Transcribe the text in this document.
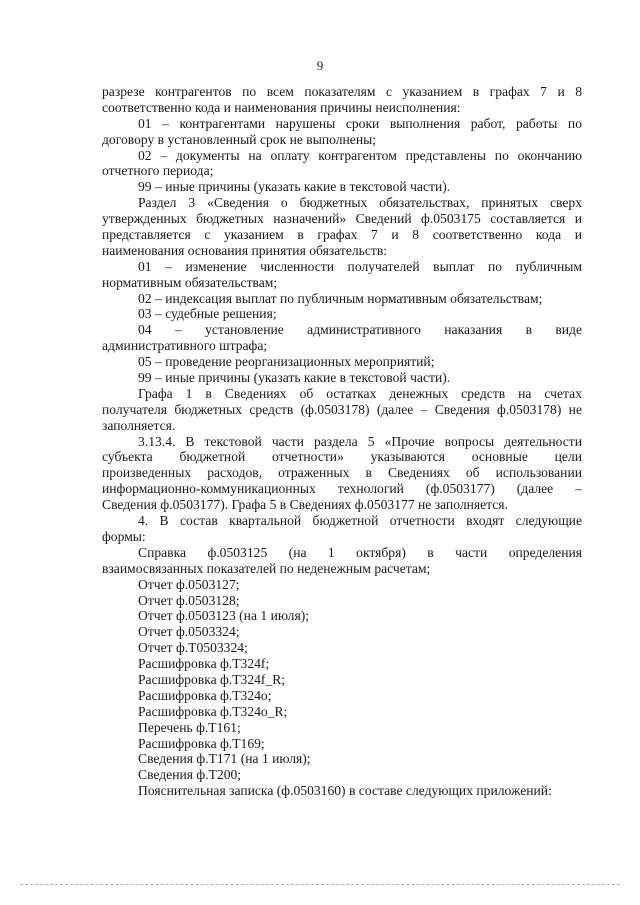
9
разрезе контрагентов по всем показателям с указанием в графах 7 и 8
соответственно кода и наименования причины неисполнения:
01 – контрагентами нарушены сроки выполнения работ, работы по
договору в установленный срок не выполнены;
02 – документы на оплату контрагентом представлены по окончанию
отчетного периода;
99 – иные причины (указать какие в текстовой части).
Раздел 3 «Сведения о бюджетных обязательствах, принятых сверх
утвержденных бюджетных назначений» Сведений ф.0503175 составляется и
представляется с указанием в графах 7 и 8 соответственно кода и
наименования основания принятия обязательств:
01 – изменение численности получателей выплат по публичным
нормативным обязательствам;
02 – индексация выплат по публичным нормативным обязательствам;
03 – судебные решения;
04 – установление административного наказания в виде
административного штрафа;
05 – проведение реорганизационных мероприятий;
99 – иные причины (указать какие в текстовой части).
Графа 1 в Сведениях об остатках денежных средств на счетах
получателя бюджетных средств (ф.0503178) (далее – Сведения ф.0503178) не
заполняется.
3.13.4. В текстовой части раздела 5 «Прочие вопросы деятельности
субъекта бюджетной отчетности» указываются основные цели
произведенных расходов, отраженных в Сведениях об использовании
информационно-коммуникационных технологий (ф.0503177) (далее –
Сведения ф.0503177). Графа 5 в Сведениях ф.0503177 не заполняется.
4. В состав квартальной бюджетной отчетности входят следующие
формы:
Справка ф.0503125 (на 1 октября) в части определения
взаимосвязанных показателей по неденежным расчетам;
Отчет ф.0503127;
Отчет ф.0503128;
Отчет ф.0503123 (на 1 июля);
Отчет ф.0503324;
Отчет ф.Т0503324;
Расшифровка ф.Т324f;
Расшифровка ф.Т324f_R;
Расшифровка ф.Т324o;
Расшифровка ф.Т324o_R;
Перечень ф.Т161;
Расшифровка ф.Т169;
Сведения ф.Т171 (на 1 июля);
Сведения ф.Т200;
Пояснительная записка (ф.0503160) в составе следующих приложений:
